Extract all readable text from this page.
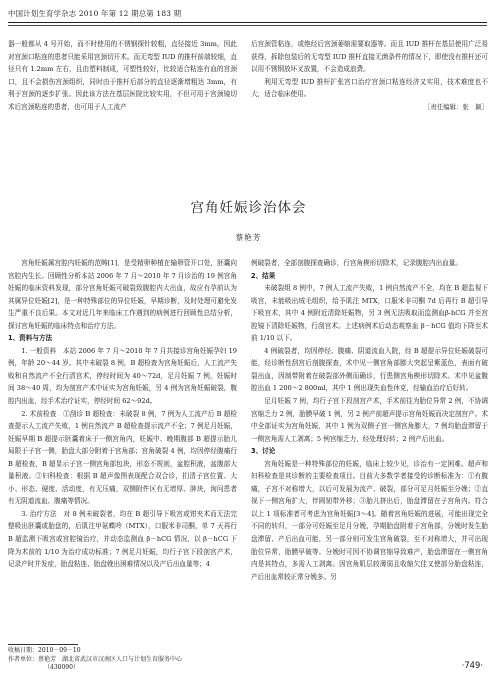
中国计划生育学杂志 2010 年第 12 期总第 183 期

器一般都从 4 号开始，而不时使用的不锈钢探针较粗，直径接近 3mm，因此对宫颈口粘连的患者只能采用宫颈切开术。而无弯型 IUD 的推杆前端较细，直径只有 1.2mm 左右，且由塑料制成，可塑性较好，比较适合粘连有血的宫颈口，且不会损伤宫颈组织，同时由于推杆后部分的直径逐渐增粗达 3mm，有利于宫颈的逐步扩张。因此该方法在基层医院比较实用，不但可用于宫颈镜切术后宫颈粘连的患者，也可用于人工流产

后宫颈管粘连，或绝经后宫颈萎缩需要取器等。而且 IUD 推杆在基层使用广泛易获得，拆除包装后的无弯型 IUD 推杆直接无菌条件的情况下，即使没有推杆还可以用不锈钢放环叉放置，不会造成浪费。

利用无弯型 IUD 推杆扩张宫口治疗宫颈口粘连经济又实用，技术难度也不大，适合临床使用。

［责任编辑：张　颖］
宫角妊娠诊治体会
蔡艳芳

宫角妊娠属宫腔内妊娠的范畴[1]，是受精卵种植在输卵管开口处，胚囊向宫腔内生长。回顾性分析本站 2006 年 7 月～2010 年 7 月诊治的 19 例宫角妊娠的临床资料发现，部分宫角妊娠可破裂致腹腔内大出血，故应有孕前认为其属异位妊娠[2]，是一种特殊部位的异位妊娠，早期诊断，及时处理可避免发生严重不良后果。本文对近几年来临床工作遇到的病例进行回顾性总结分析，探讨宫角妊娠的临床特点和治疗方法。

1、资料与方法

1. 一般资料　本站 2006 年 7 月～2010 年 7 月共接诊宫角妊娠孕妇 19 例，年龄 20～44 岁。其中未破裂 8 例，B 超检查为宫角妊娠后，人工流产失败和自然流产不全行清宫术，停经时间为 40～72d，足月妊娠 7 例，妊娠时间 38～40 周，均为剖宫产术中证实为宫角妊娠，另 4 例为宫角妊娠破裂，腹腔内出血，经手术治疗证实，停经时间 62～92d。

2. 术前检查　①刮诊 B 超检查：未破裂 8 例，7 例为人工流产后 B 超检查提示人工流产失败，1 例自然流产 B 超检查提示流产不全；7 例足月妊娠，妊娠早期 B 超提示胚囊着床于一侧宫角内，妊娠中、晚期腹部 B 超提示胎儿局限于子宫一侧，胎盘大部分附着于宫角部；宫角破裂 4 例，均因停经腹痛行 B 超检查，B 超显示子宫一侧宫角部包块，形态不规则，盆腔积液，盆腹部大量积液。②妇科检查：根据 B 超声像图表现配合双合诊，扪清子宫位置、大小、形态、硬度、活动度，有无压痛，双侧附件区有无增厚、肿块，询问患者有无阴道流血、腹痛等情况。

3. 治疗方法　对 8 例未破裂者，均在 B 超引导下吸宫或钳夹术而无法完整吸出胚囊或胎盘的，后肌注甲氨蝶呤（MTX），口服米非司酮，单 7 天再行 B 超监测下吸宫或宫腔镜治疗，并动态监测血 β－hCG 情况，以 β－hCG 下降为术前的 1/10 为治疗成功标准；7 例足月妊娠，均行子宫下段剖宫产术，记录产时并发症，胎盘粘连、胎盘娩出困难情况以及产后出血量等；4

例破裂者，全部剖腹探查确诊，行宫角楔形切除术，记录腹腔内出血量。

2、结果

未破裂组 8 例中，7 例人工流产失败，1 例自然流产不全，均在 B 超监视下吸宫，未能吸出绒毛组织，给予肌注 MTX，口服米非司酮 7d 后再行 B 超引导下吸宫术，其中 4 例附近清除妊娠物，另 3 例无法吸取而监测血β-hCG 并至宫腔镜下清除妊娠物，行刮宫术。上述病例术后动态观察血 β－hCG 值均下降至术前 1/10 以下。

4 例破裂者，均因停经、腹痛、阴道流血入院，经 B 超提示异位妊娠破裂可能，经诊断性刮宫后剖腹探查，术中见一侧宫角部膨大突起呈紫蓝色，表面有破裂出血，因制带附着在破裂部外侧而确诊，行患侧宫角楔形切除术。术中见盆腹腔出血 1 200～2 800ml，其中 1 例出现失血性休克，经输血治疗后好转。

足月妊娠 7 例，均行子宫下段剖宫产术，手术前往为胎位异常 2 例，不协调宫缩乏力 2 例，胎膜早破 1 例，另 2 例产前超声提示宫角妊娠而决定剖宫产。术中全部证实为宫角妊娠，其中 1 例为双侧子宫一侧宫角膨大，7 例均胎盘滞留于一侧宫角需人工剥离；5 例宫缩乏力，经处理好转；2 例产后出血。

3、讨论

宫角妊娠是一种特殊部位的妊娠，临床上较少见，诊治有一定困难。超声和妇科检查是其诊断的主要检查项目。目前大多数学者接受的诊断标准为：①有腹痛，子宫不对称增大，以后可发展为流产、破裂，部分可足月妊娠至分娩；②直视下一侧宫角扩大，伴圆韧带外移；③胎儿挤出后，胎盘滞留在子宫角内。符合以上 1 项标准者可考虑为宫角妊娠[3～4]。随着宫角妊娠的进展，可能出现完全不同的转归，一部分可妊娠至足月分娩，孕期胎盘附着于宫角部，分娩时发生胎盘滞留、产后出血可能，另一部分则可发生宫角破裂，至不对称增大，并可出现胎位异常，胎膜早破等。分娩时可因不协调宫缩导致难产，胎盘滞留在一侧宫角内是其特点，多需人工剥离。因宫角肌层较薄弱且收缩欠佳又使部分胎盘粘连，产后出血常较正常分娩多。另

收稿日期：2010－09－10
作者单位：蔡艳芳　湖北省武汉市汉南区人口与计划生育服务中心
（430090）	·749·
